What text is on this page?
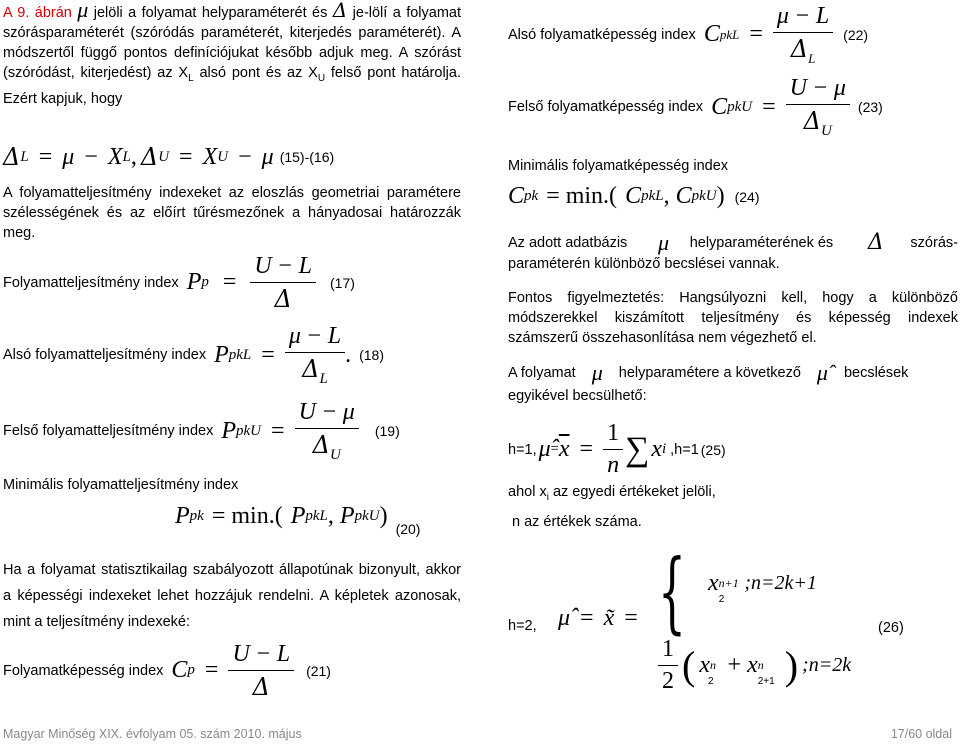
A 9. ábrán μ jelöli a folyamat helyparaméterét és Δ je-lölí a folyamat szórásparaméterét (szóródás paraméterét, kiterjedés paraméterét). A módszertől függő pontos definíciójukat később adjuk meg. A szórást (szóródást, kiterjedést) az $X_L$ alsó pont és az $X_U$ felső pont határolja. Ezért kapjuk, hogy

Δ L = μ − X L , Δ U = X U − μ (15)-(16)

A folyamatteljesítmény indexeket az eloszlás geometriai paramétere szélességének és az előírt tűrésmezőnek a hányadosai határozzák meg.

Folyamatteljesítmény index P $p = \frac{U - L}{\Delta} (17)$
Alsó folyamatteljesítmény index P pkL = $\frac{\mu - L}{\Delta_L}$ . (18)
Felső folyamatteljesítmény index P pkU = $\frac{U - \mu}{\Delta_U} (19)$
Minimális folyamatteljesítmény index
P pk = min.( P pkL , P pkU ) (20)

Ha a folyamat statisztikailag szabályozott állapotúnak bizonyult, akkor a képességi indexeket lehet hozzájuk rendelni. A képletek azonosak, mint a teljesítmény indexeké:

Folyamatképesség index C $p = \frac{U - L}{\Delta} (21)$
Alsó folyamatképesség index C pkL = $\frac{\mu - L}{\Delta_L} (22)$
Felső folyamatképesség index C pkU = $\frac{U - \mu}{\Delta_U} (23)$
Minimális folyamatképesség index
C pk = min.( C pkL , C pkU ) (24)
Az adott adatbázis μ helyparaméterének és Δ szórás-

paraméterén különböző becslései vannak.

Fontos figyelmeztetés: Hangsúlyozni kell, hogy a különböző módszerekkel kiszámított teljesítmény és képesség indexek számszerű összehasonlítása nem végezhető el.

A folyamat μ helyparamétere a következő μ̂ becslések

egyikével becsülhető:

h=1, μ̂ = $\overline{x} = \frac{1}{n}$ ∑ x i ,h=1 (25)
ahol $x_i$ az egyedi értékeket jelöli,
n az értékek száma.
h=2, μ̂ = x̃ = { x n+1
2
;n=2k+1
$\frac{1}{2}$ ( x n
2
+ x n
2+1 ) ;n=2k
(26)
Magyar Minőség XIX. évfolyam 05. szám 2010. május	17/60 oldal
